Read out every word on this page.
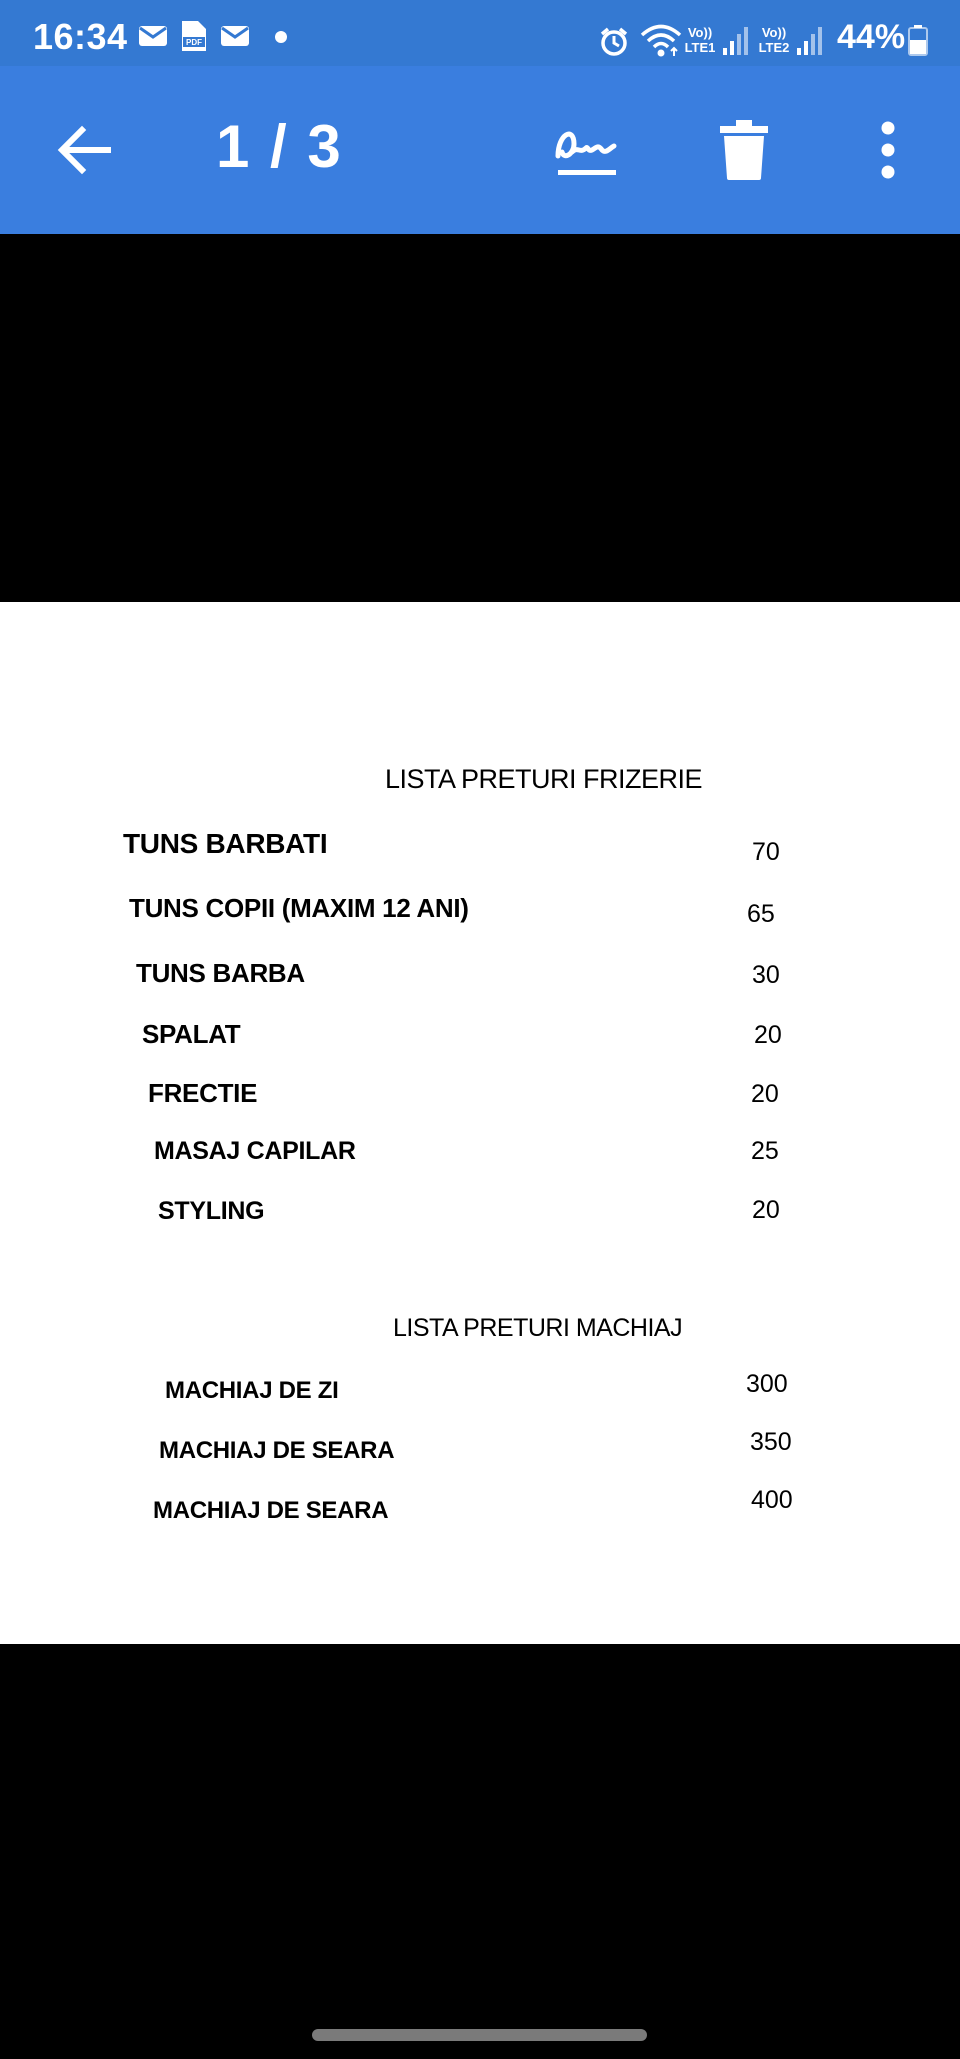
16:34	PDF
Vo))
LTE1
Vo))
LTE2 44%
1 / 3
LISTA PRETURI FRIZERIE
TUNS BARBATI	70
TUNS COPII (MAXIM 12 ANI)	65
TUNS BARBA	30
SPALAT	20
FRECTIE	20
MASAJ CAPILAR	25
STYLING	20
LISTA PRETURI MACHIAJ
MACHIAJ DE ZI	300
MACHIAJ DE SEARA	350
MACHIAJ DE SEARA	400
